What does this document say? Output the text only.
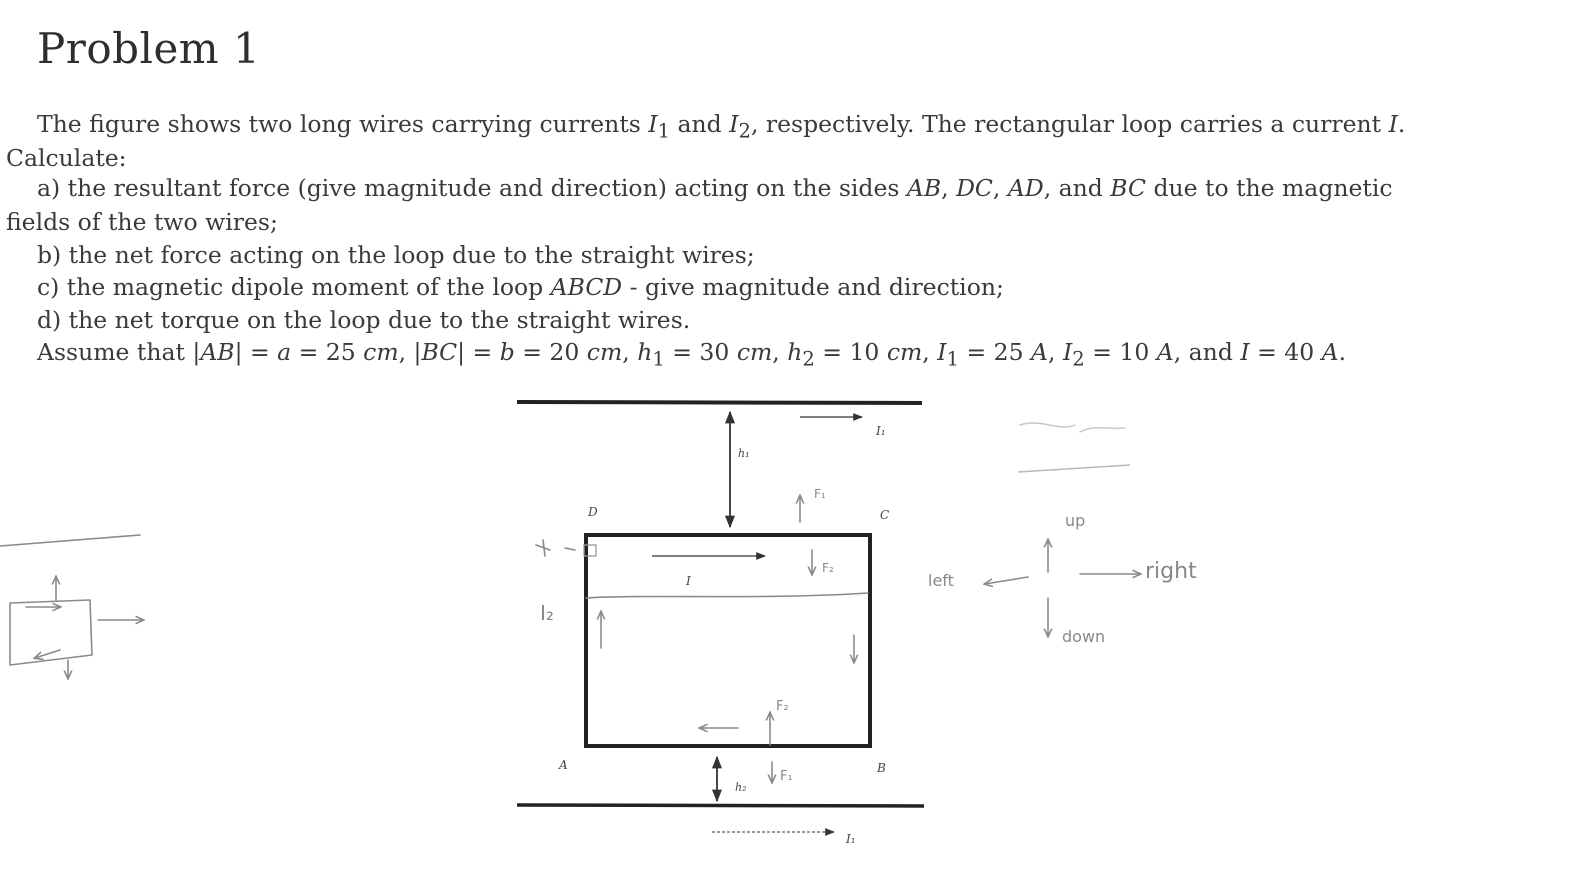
Problem 1
The figure shows two long wires carrying currents $I_1$ and $I_2$, respectively. The rectangular loop carries a current I.
Calculate:
a) the resultant force (give magnitude and direction) acting on the sides AB, DC, AD, and BC due to the magnetic
fields of the two wires;
b) the net force acting on the loop due to the straight wires;
c) the magnetic dipole moment of the loop ABCD - give magnitude and direction;
d) the net torque on the loop due to the straight wires.
Assume that |AB| = a = 25 cm, |BC| = b = 20 cm, $h_1 = 30$ cm, $h_2 = 10$ cm, $I_1 = 25$ A, $I_2 = 10$ A, and I = 40 A.
D	C
A	B
h₁
h₂
I₁
I₁
I
F₁
F₂
F₂
F₁
I₂
up
right
left
down
